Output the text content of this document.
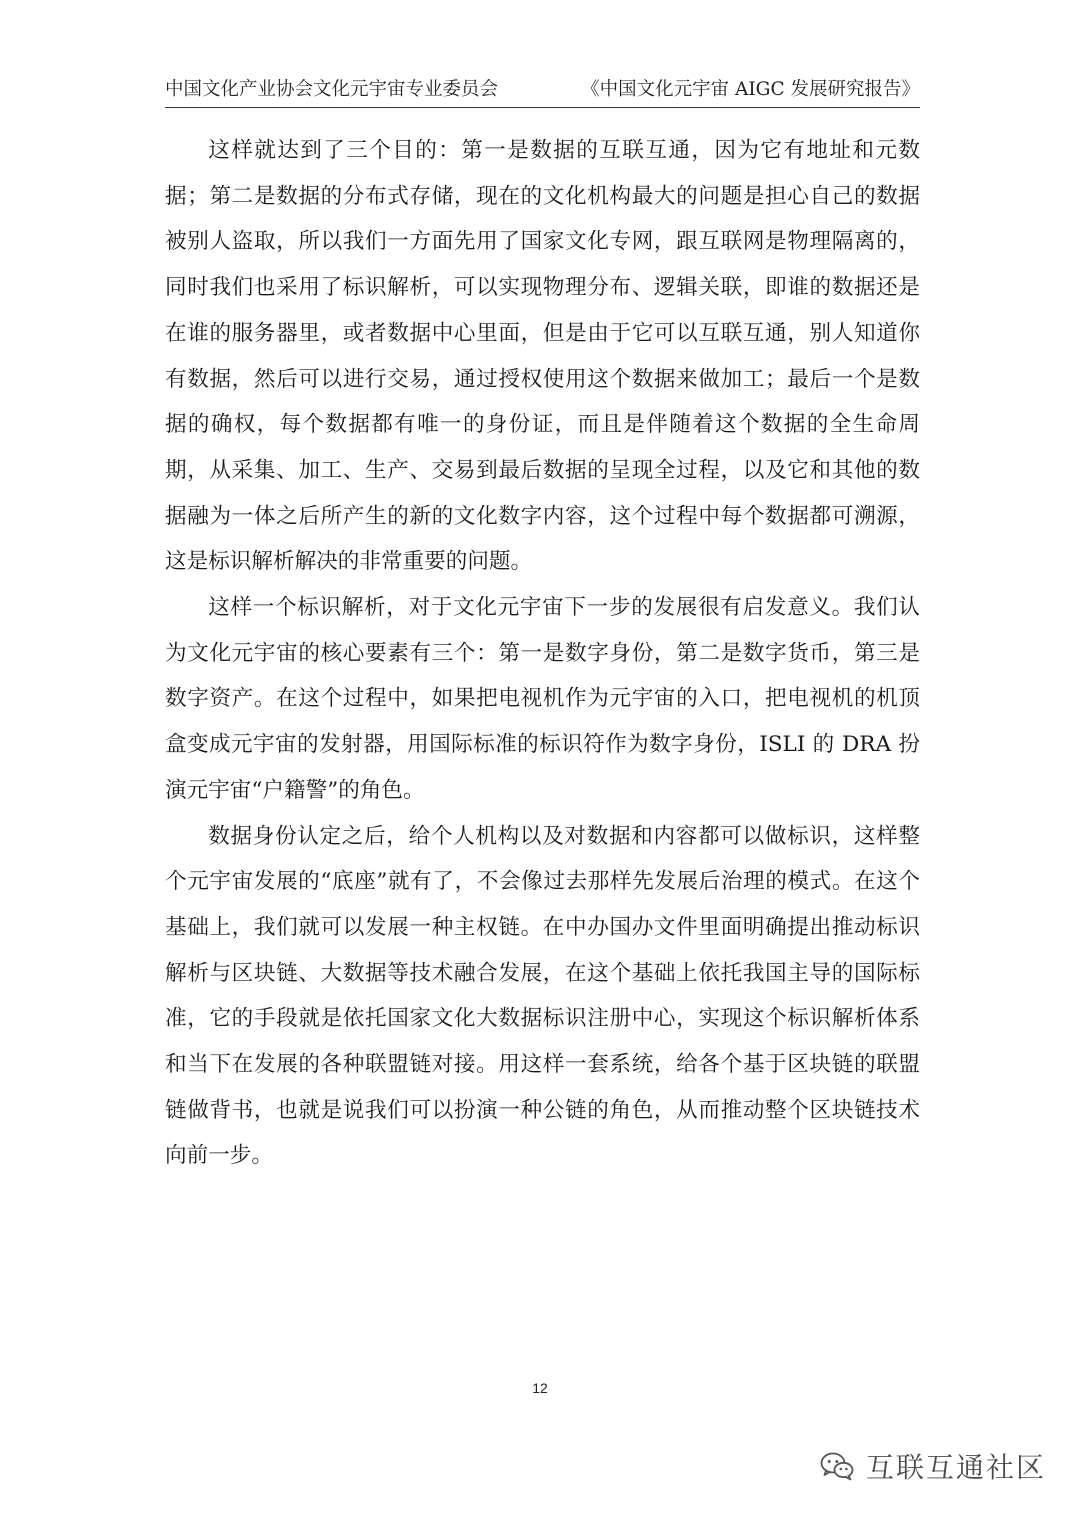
中国文化产业协会文化元宇宙专业委员会	《中国文化元宇宙 AIGC 发展研究报告》

这样就达到了三个目的：第一是数据的互联互通，因为它有地址和元数据；第二是数据的分布式存储，现在的文化机构最大的问题是担心自己的数据被别人盗取，所以我们一方面先用了国家文化专网，跟互联网是物理隔离的，同时我们也采用了标识解析，可以实现物理分布、逻辑关联，即谁的数据还是在谁的服务器里，或者数据中心里面，但是由于它可以互联互通，别人知道你有数据，然后可以进行交易，通过授权使用这个数据来做加工；最后一个是数据的确权，每个数据都有唯一的身份证，而且是伴随着这个数据的全生命周期，从采集、加工、生产、交易到最后数据的呈现全过程，以及它和其他的数据融为一体之后所产生的新的文化数字内容，这个过程中每个数据都可溯源，这是标识解析解决的非常重要的问题。

这样一个标识解析，对于文化元宇宙下一步的发展很有启发意义。我们认为文化元宇宙的核心要素有三个：第一是数字身份，第二是数字货币，第三是数字资产。在这个过程中，如果把电视机作为元宇宙的入口，把电视机的机顶盒变成元宇宙的发射器，用国际标准的标识符作为数字身份，ISLI 的 DRA 扮演元宇宙“户籍警”的角色。

数据身份认定之后，给个人机构以及对数据和内容都可以做标识，这样整个元宇宙发展的“底座”就有了，不会像过去那样先发展后治理的模式。在这个基础上，我们就可以发展一种主权链。在中办国办文件里面明确提出推动标识解析与区块链、大数据等技术融合发展，在这个基础上依托我国主导的国际标准，它的手段就是依托国家文化大数据标识注册中心，实现这个标识解析体系和当下在发展的各种联盟链对接。用这样一套系统，给各个基于区块链的联盟链做背书，也就是说我们可以扮演一种公链的角色，从而推动整个区块链技术向前一步。

12
互联互通社区
